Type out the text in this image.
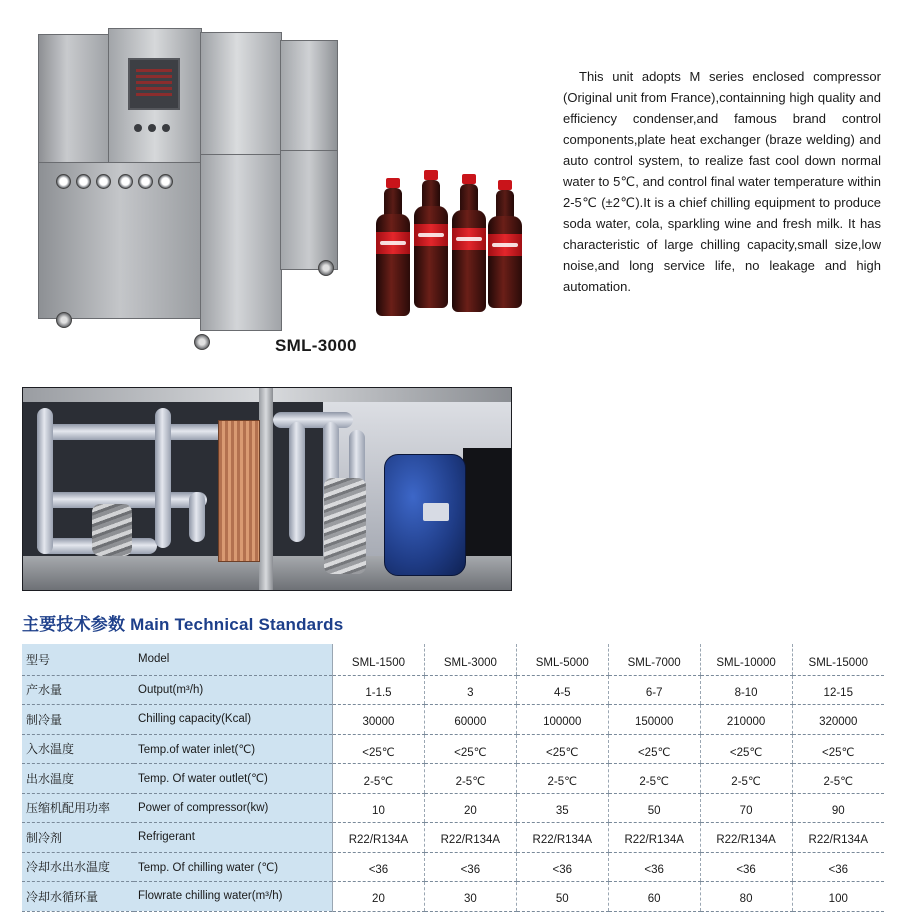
This unit adopts M series enclosed compressor (Original unit from France),containning high quality and efficiency condenser,and famous brand control components,plate heat exchanger (braze welding) and auto control system, to realize fast cool down normal water to 5℃, and control final water temperature within 2-5℃ (±2℃).It is a chief chilling equipment to produce soda water, cola, sparkling wine and fresh milk. It has characteristic of large chilling capacity,small size,low noise,and long service life, no leakage and high automation.

SML-3000
主要技术参数 Main Technical Standards
型号	Model	SML-1500	SML-3000	SML-5000	SML-7000	SML-10000	SML-15000
产水量	Output(m³/h)	1-1.5	3	4-5	6-7	8-10	12-15
制冷量	Chilling capacity(Kcal)	30000	60000	100000	150000	210000	320000
入水温度	Temp.of water inlet(℃)	<25℃	<25℃	<25℃	<25℃	<25℃	<25℃
出水温度	Temp. Of water outlet(℃)	2-5℃	2-5℃	2-5℃	2-5℃	2-5℃	2-5℃
压缩机配用功率	Power of compressor(kw)	10	20	35	50	70	90
制冷剂	Refrigerant	R22/R134A	R22/R134A	R22/R134A	R22/R134A	R22/R134A	R22/R134A
冷却水出水温度	Temp. Of chilling water (℃)	<36	<36	<36	<36	<36	<36
冷却水循环量	Flowrate chilling water(m³/h)	20	30	50	60	80	100
